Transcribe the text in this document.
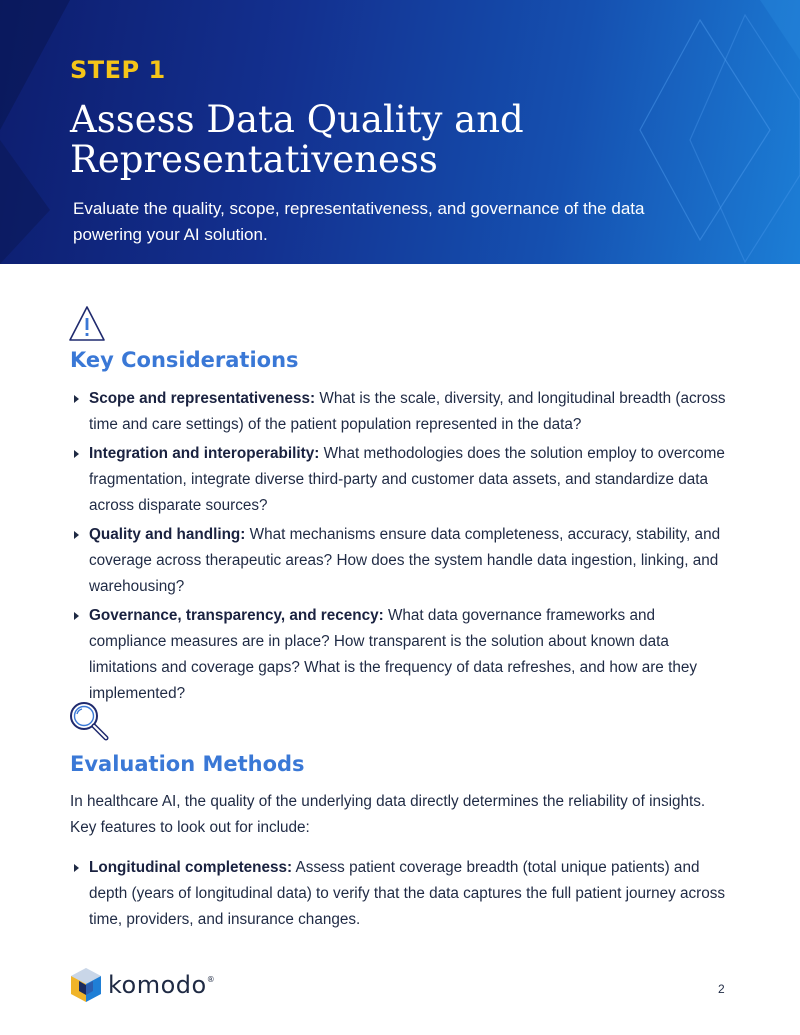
STEP 1
Assess Data Quality and Representativeness

Evaluate the quality, scope, representativeness, and governance of the data powering your AI solution.

Key Considerations
Scope and representativeness: What is the scale, diversity, and longitudinal breadth (across time and care settings) of the patient population represented in the data?
Integration and interoperability: What methodologies does the solution employ to overcome fragmentation, integrate diverse third-party and customer data assets, and standardize data across disparate sources?
Quality and handling: What mechanisms ensure data completeness, accuracy, stability, and coverage across therapeutic areas? How does the system handle data ingestion, linking, and warehousing?
Governance, transparency, and recency: What data governance frameworks and compliance measures are in place? How transparent is the solution about known data limitations and coverage gaps? What is the frequency of data refreshes, and how are they implemented?
Evaluation Methods

In healthcare AI, the quality of the underlying data directly determines the reliability of insights. Key features to look out for include:

Longitudinal completeness: Assess patient coverage breadth (total unique patients) and depth (years of longitudinal data) to verify that the data captures the full patient journey across time, providers, and insurance changes.
komodo®
2
